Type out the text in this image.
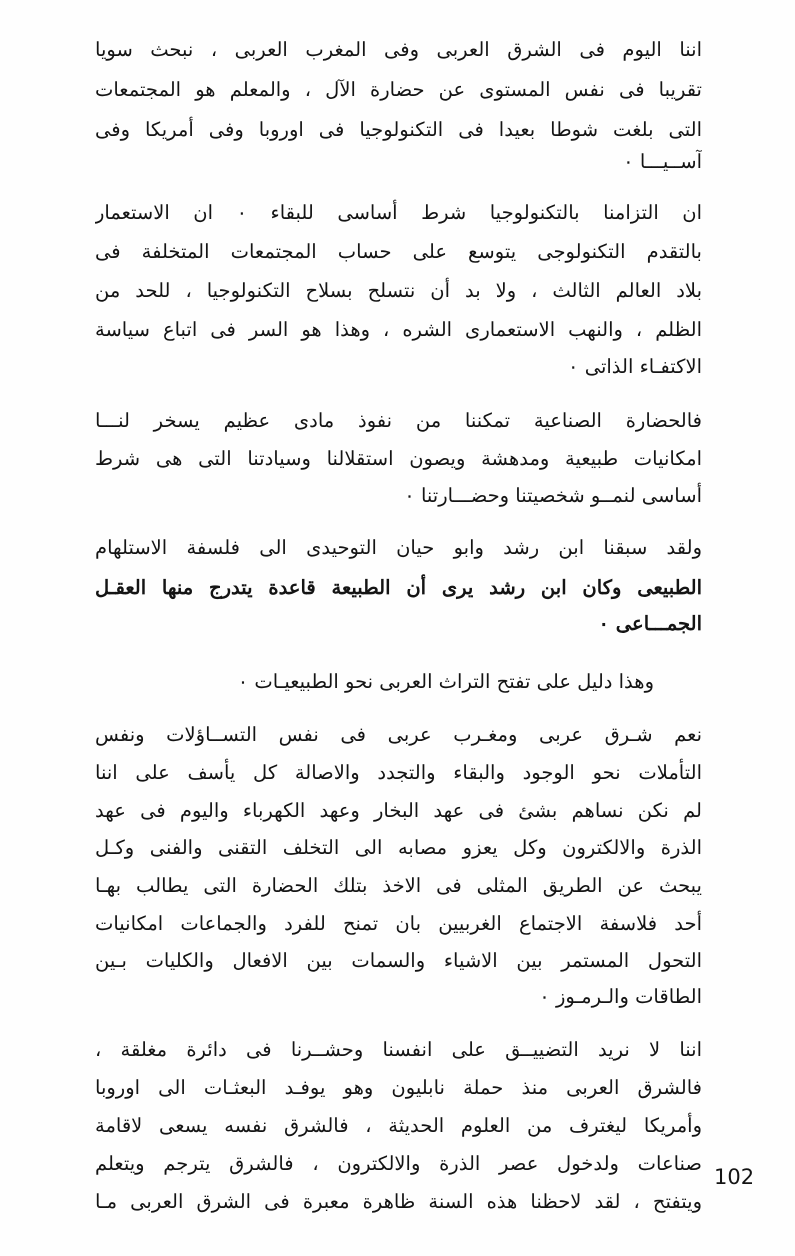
اننا اليوم فى الشرق العربى وفى المغرب العربى ، نبحث سويا
تقريبا فى نفس المستوى عن حضارة الآل ، والمعلم هو المجتمعات
التى بلغت شوطا بعيدا فى التكنولوجيا فى اوروبا وفى أمريكا وفى
آســيـــا ٠
ان التزامنا بالتكنولوجيا شرط أساسى للبقاء ٠ ان الاستعمار
بالتقدم التكنولوجى يتوسع على حساب المجتمعات المتخلفة فى
بلاد العالم الثالث ، ولا بد أن نتسلح بسلاح التكنولوجيا ، للحد من
الظلم ، والنهب الاستعمارى الشره ، وهذا هو السر فى اتباع سياسة
الاكتفـاء الذاتى ٠
فالحضارة الصناعية تمكننا من نفوذ مادى عظيم يسخر لنـــا
امكانيات طبيعية ومدهشة ويصون استقلالنا وسيادتنا التى هى شرط
أساسى لنمــو شخصيتنا وحضـــارتنا ٠
ولقد سبقنا ابن رشد وابو حيان التوحيدى الى فلسفة الاستلهام
الطبيعى وكان ابن رشد يرى أن الطبيعة قاعدة يتدرج منها العقـل
الجمـــاعى ٠
وهذا دليل على تفتح التراث العربى نحو الطبيعيـات ٠
نعم شـرق عربى ومغـرب عربى فى نفس التســاؤلات ونفس
التأملات نحو الوجود والبقاء والتجدد والاصالة كل يأسف على اننا
لم نكن نساهم بشئ فى عهد البخار وعهد الكهرباء واليوم فى عهد
الذرة والالكترون وكل يعزو مصابه الى التخلف التقنى والفنى وكـل
يبحث عن الطريق المثلى فى الاخذ بتلك الحضارة التى يطالب بهـا
أحد فلاسفة الاجتماع الغربيين بان تمنح للفرد والجماعات امكانيات
التحول المستمر بين الاشياء والسمات بين الافعال والكليات بـين
الطاقات والـرمـوز ٠
اننا لا نريد التضييــق على انفسنا وحشــرنا فى دائرة مغلقة ،
فالشرق العربى منذ حملة نابليون وهو يوفـد البعثـات الى اوروبا
وأمريكا ليغترف من العلوم الحديثة ، فالشرق نفسه يسعى لاقامة
صناعات ولدخول عصر الذرة والالكترون ، فالشرق يترجم ويتعلم
ويتفتح ، لقد لاحظنا هذه السنة ظاهرة معبرة فى الشرق العربى مـا
102
